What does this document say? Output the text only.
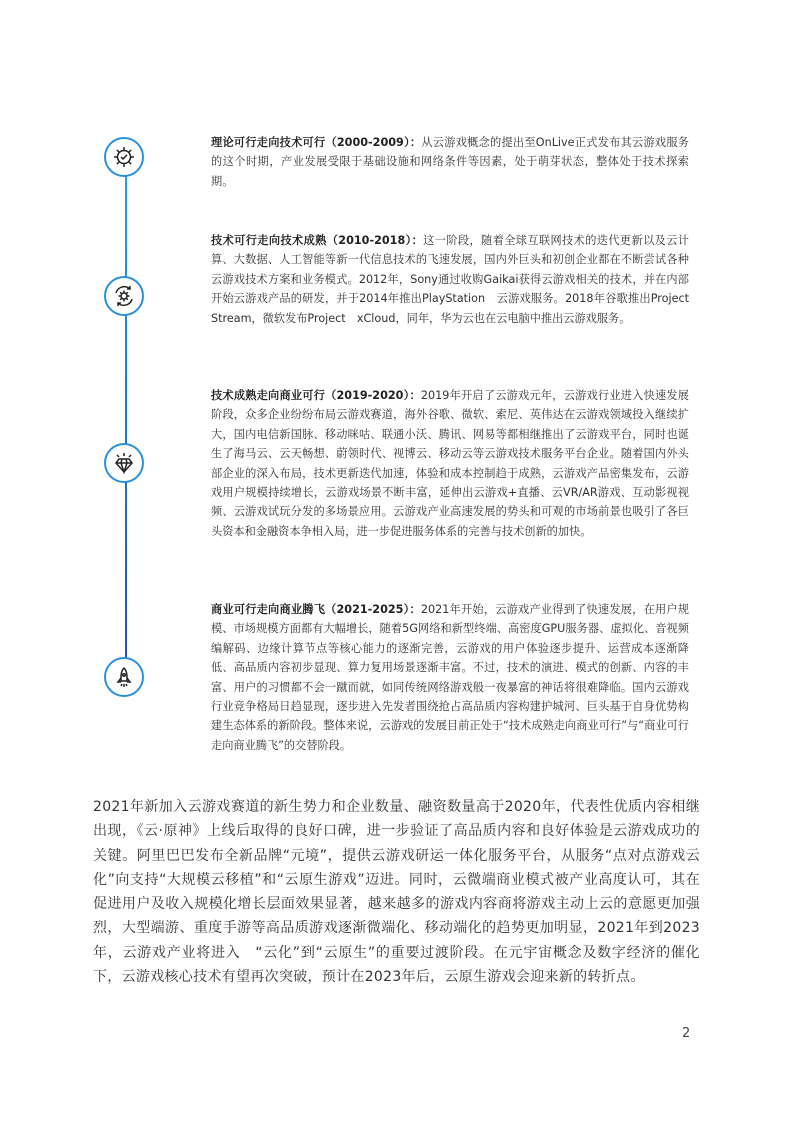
理论可行走向技术可行（2000-2009）：从云游戏概念的提出至OnLive正式发布其云游戏服务的这个时期，产业发展受限于基础设施和网络条件等因素，处于萌芽状态，整体处于技术探索期。
技术可行走向技术成熟（2010-2018）：这一阶段，随着全球互联网技术的迭代更新以及云计算、大数据、人工智能等新一代信息技术的飞速发展，国内外巨头和初创企业都在不断尝试各种云游戏技术方案和业务模式。2012年，Sony通过收购Gaikai获得云游戏相关的技术，并在内部开始云游戏产品的研发，并于2014年推出PlayStation　云游戏服务。2018年谷歌推出Project　Stream，微软发布Project　xCloud，同年，华为云也在云电脑中推出云游戏服务。
技术成熟走向商业可行（2019-2020）：2019年开启了云游戏元年，云游戏行业进入快速发展阶段，众多企业纷纷布局云游戏赛道，海外谷歌、微软、索尼、英伟达在云游戏领域投入继续扩大，国内电信新国脉、移动咪咕、联通小沃、腾讯、网易等都相继推出了云游戏平台，同时也诞生了海马云、云天畅想、蔚领时代、视博云、移动云等云游戏技术服务平台企业。随着国内外头部企业的深入布局，技术更新迭代加速，体验和成本控制趋于成熟，云游戏产品密集发布，云游戏用户规模持续增长，云游戏场景不断丰富，延伸出云游戏+直播、云VR/AR游戏、互动影视视频、云游戏试玩分发的多场景应用。云游戏产业高速发展的势头和可观的市场前景也吸引了各巨头资本和金融资本争相入局，进一步促进服务体系的完善与技术创新的加快。
商业可行走向商业腾飞（2021-2025）：2021年开始，云游戏产业得到了快速发展，在用户规模、市场规模方面都有大幅增长，随着5G网络和新型终端、高密度GPU服务器、虚拟化、音视频编解码、边缘计算节点等核心能力的逐渐完善，云游戏的用户体验逐步提升、运营成本逐渐降低、高品质内容初步显现、算力复用场景逐渐丰富。不过，技术的演进、模式的创新、内容的丰富、用户的习惯都不会一蹴而就，如同传统网络游戏般一夜暴富的神话将很难降临。国内云游戏行业竞争格局日趋显现，逐步进入先发者围绕抢占高品质内容构建护城河、巨头基于自身优势构建生态体系的新阶段。整体来说，云游戏的发展目前正处于“技术成熟走向商业可行”与“商业可行走向商业腾飞”的交替阶段。
2021年新加入云游戏赛道的新生势力和企业数量、融资数量高于2020年，代表性优质内容相继出现，《云·原神》上线后取得的良好口碑，进一步验证了高品质内容和良好体验是云游戏成功的关键。阿里巴巴发布全新品牌“元境”，提供云游戏研运一体化服务平台，从服务“点对点游戏云化”向支持“大规模云移植”和“云原生游戏”迈进。同时，云微端商业模式被产业高度认可，其在促进用户及收入规模化增长层面效果显著，越来越多的游戏内容商将游戏主动上云的意愿更加强烈，大型端游、重度手游等高品质游戏逐渐微端化、移动端化的趋势更加明显，2021年到2023年，云游戏产业将进入　“云化”到“云原生”的重要过渡阶段。在元宇宙概念及数字经济的催化下，云游戏核心技术有望再次突破，预计在2023年后，云原生游戏会迎来新的转折点。
2
